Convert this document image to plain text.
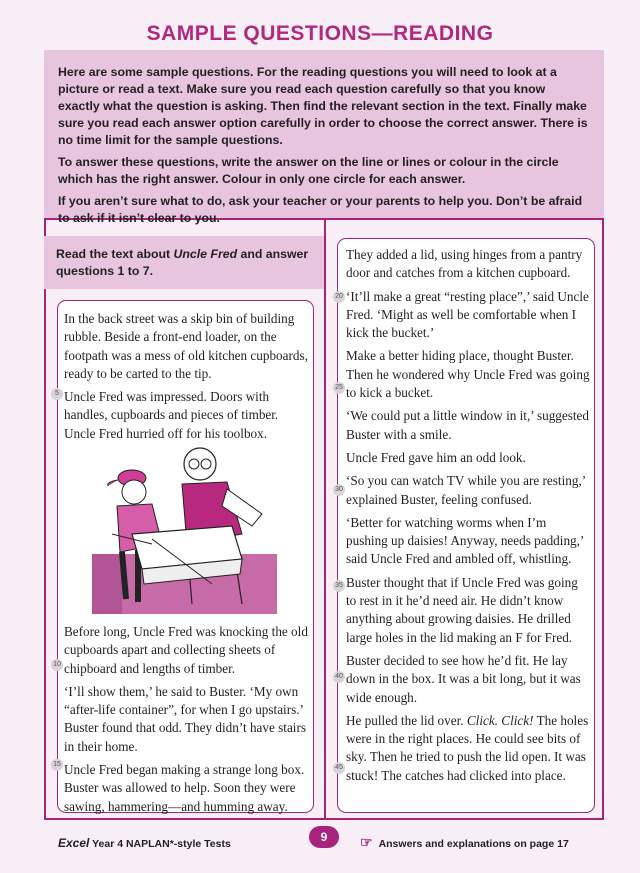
SAMPLE QUESTIONS—READING

Here are some sample questions. For the reading questions you will need to look at a picture or read a text. Make sure you read each question carefully so that you know exactly what the question is asking. Then find the relevant section in the text. Finally make sure you read each answer option carefully in order to choose the correct answer. There is no time limit for the sample questions.

To answer these questions, write the answer on the line or lines or colour in the circle which has the right answer. Colour in only one circle for each answer.

If you aren’t sure what to do, ask your teacher or your parents to help you. Don’t be afraid to ask if it isn’t clear to you.

Read the text about Uncle Fred and answer questions 1 to 7.

In the back street was a skip bin of building rubble. Beside a front-end loader, on the footpath was a mess of old kitchen cupboards, ready to be carted to the tip.

Uncle Fred was impressed. Doors with handles, cupboards and pieces of timber. Uncle Fred hurried off for his toolbox.

Before long, Uncle Fred was knocking the old cupboards apart and collecting sheets of chipboard and lengths of timber.

‘I’ll show them,’ he said to Buster. ‘My own “after-life container”, for when I go upstairs.’ Buster found that odd. They didn’t have stairs in their home.

Uncle Fred began making a strange long box. Buster was allowed to help. Soon they were sawing, hammering—and humming away.

5
10
15

They added a lid, using hinges from a pantry door and catches from a kitchen cupboard.

‘It’ll make a great “resting place”,’ said Uncle Fred. ‘Might as well be comfortable when I kick the bucket.’

Make a better hiding place, thought Buster. Then he wondered why Uncle Fred was going to kick a bucket.

‘We could put a little window in it,’ suggested Buster with a smile.

Uncle Fred gave him an odd look.

‘So you can watch TV while you are resting,’ explained Buster, feeling confused.

‘Better for watching worms when I’m pushing up daisies! Anyway, needs padding,’ said Uncle Fred and ambled off, whistling.

Buster thought that if Uncle Fred was going to rest in it he’d need air. He didn’t know anything about growing daisies. He drilled large holes in the lid making an F for Fred.

Buster decided to see how he’d fit. He lay down in the box. It was a bit long, but it was wide enough.

He pulled the lid over. Click. Click! The holes were in the right places. He could see bits of sky. Then he tried to push the lid open. It was stuck! The catches had clicked into place.

20
25
30
35
40
45
Excel Year 4 NAPLAN*-style Tests	9	☞ Answers and explanations on page 17
